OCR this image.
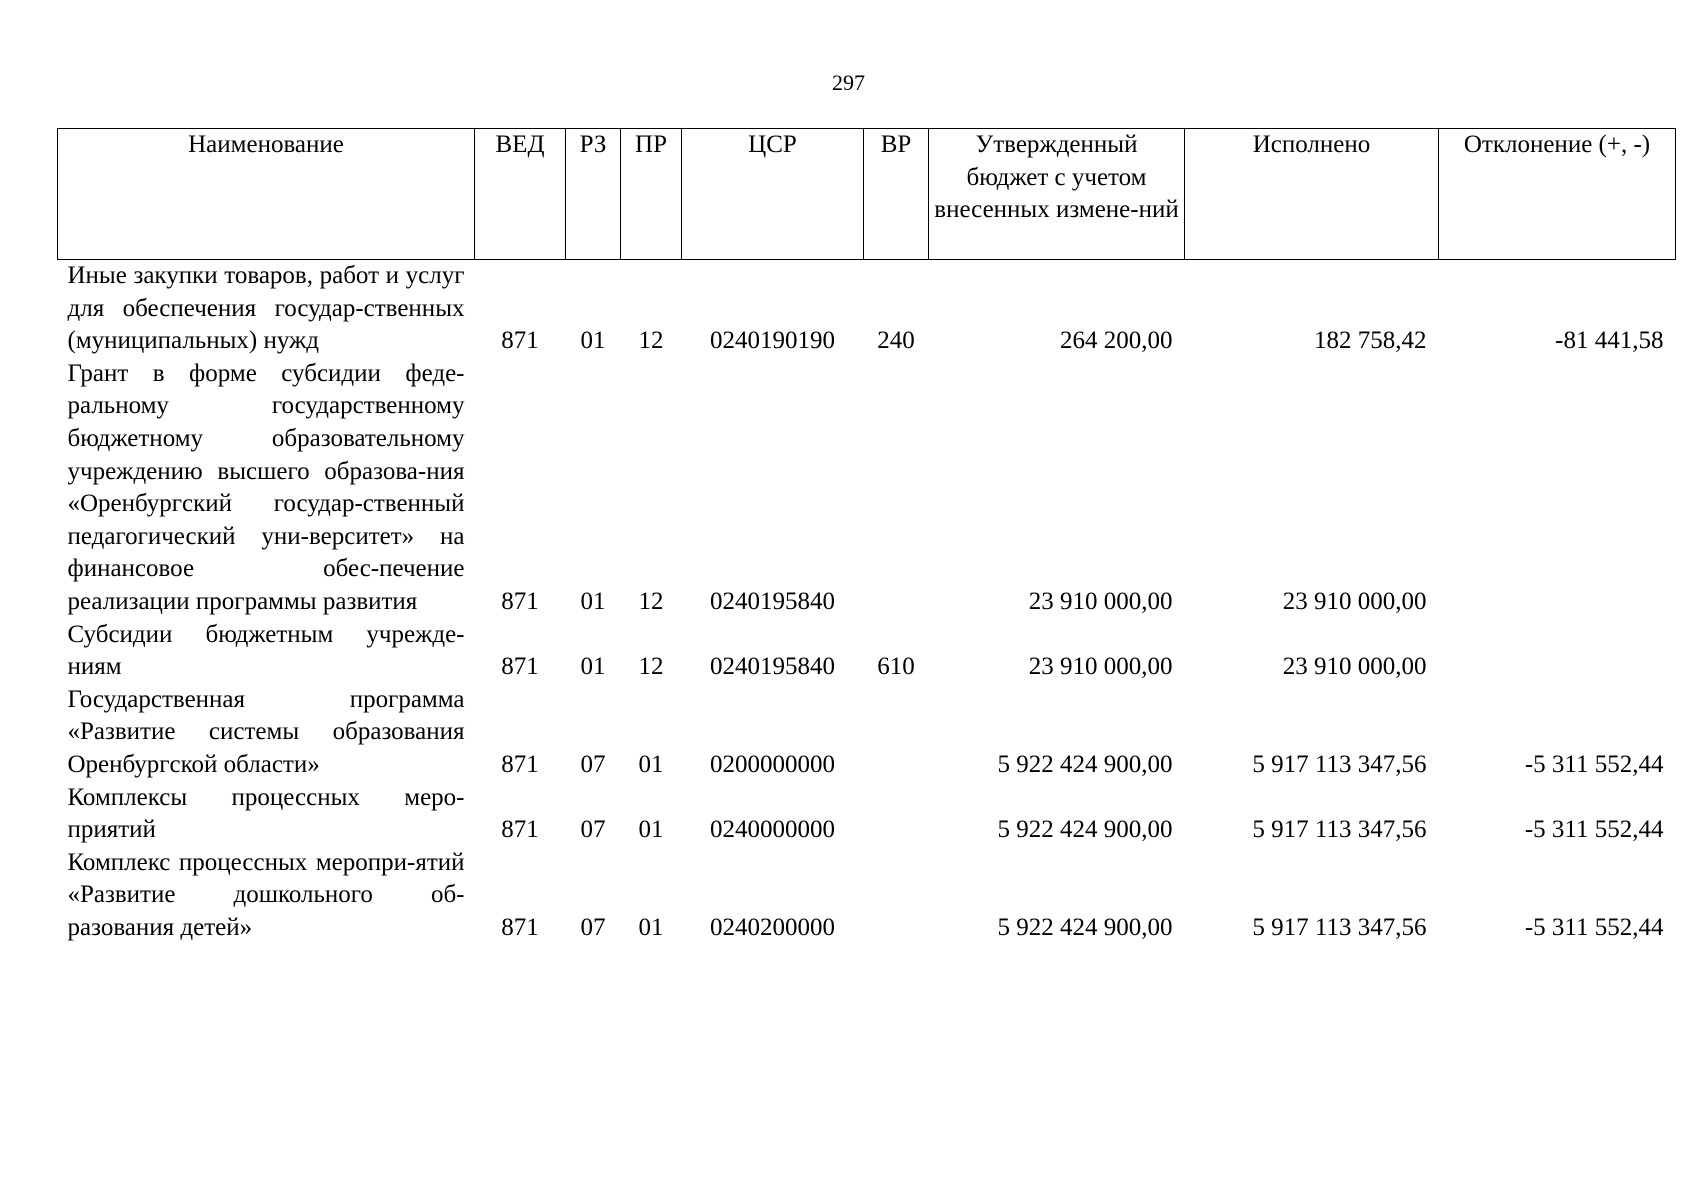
297
Наименование	ВЕД	РЗ	ПР	ЦСР	ВР	Утвержденный бюджет с учетом внесенных измене-ний	Исполнено	Отклонение (+, -)
Иные закупки товаров, работ и услуг для обеспечения государ-ственных (муниципальных) нужд	871	01	12	0240190190	240	264 200,00	182 758,42	-81 441,58
Грант в форме субсидии феде-ральному государственному бюджетному образовательному учреждению высшего образова-ния «Оренбургский государ-ственный педагогический уни-верситет» на финансовое обес-печение реализации программы развития	871	01	12	0240195840		23 910 000,00	23 910 000,00	
Субсидии бюджетным учрежде-ниям	871	01	12	0240195840	610	23 910 000,00	23 910 000,00	
Государственная программа «Развитие системы образования Оренбургской области»	871	07	01	0200000000		5 922 424 900,00	5 917 113 347,56	-5 311 552,44
Комплексы процессных меро-приятий	871	07	01	0240000000		5 922 424 900,00	5 917 113 347,56	-5 311 552,44
Комплекс процессных меропри-ятий «Развитие дошкольного об-разования детей»	871	07	01	0240200000		5 922 424 900,00	5 917 113 347,56	-5 311 552,44
